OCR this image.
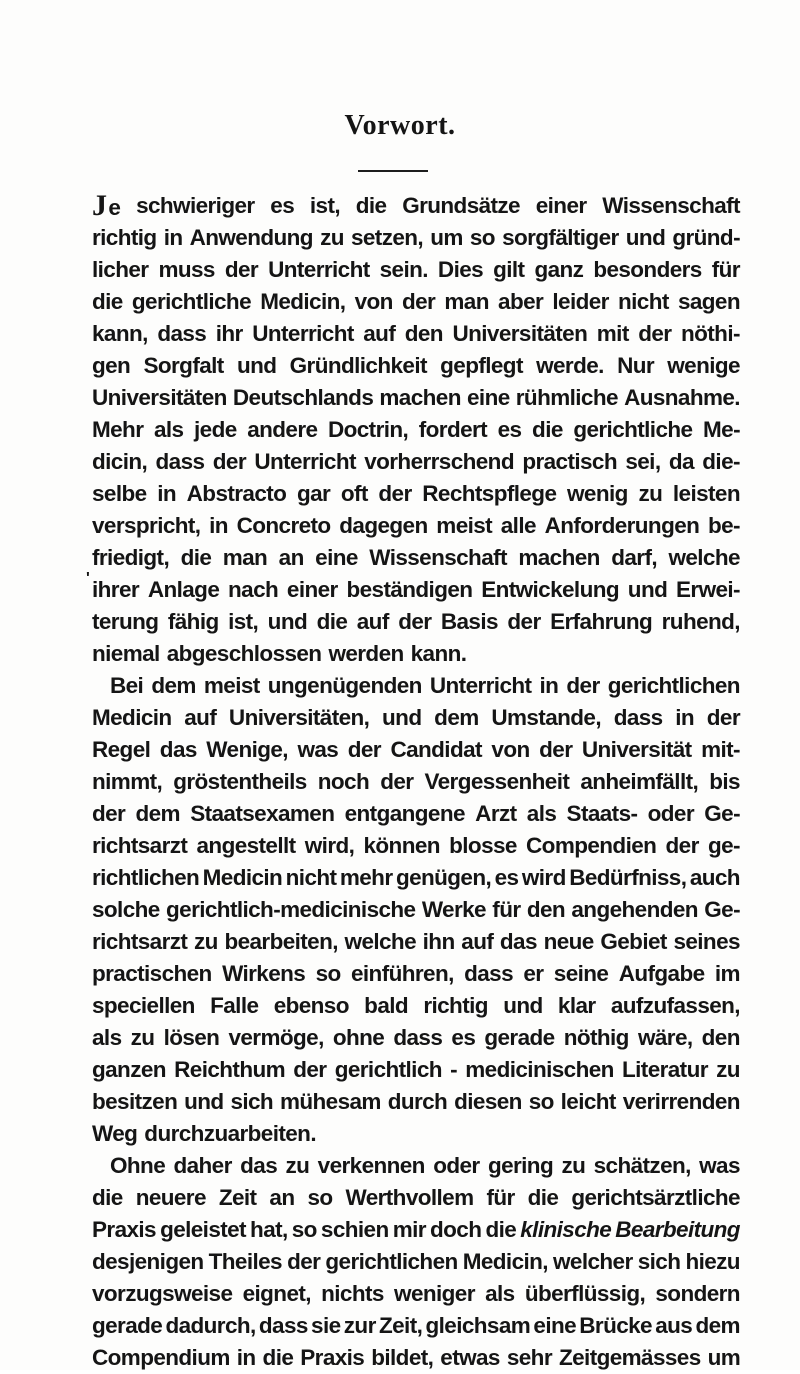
Vorwort.
'
Je schwieriger es ist, die Grundsätze einer Wissenschaft
richtig in Anwendung zu setzen, um so sorgfältiger und gründ-
licher muss der Unterricht sein. Dies gilt ganz besonders für
die gerichtliche Medicin, von der man aber leider nicht sagen
kann, dass ihr Unterricht auf den Universitäten mit der nöthi-
gen Sorgfalt und Gründlichkeit gepflegt werde. Nur wenige
Universitäten Deutschlands machen eine rühmliche Ausnahme.
Mehr als jede andere Doctrin, fordert es die gerichtliche Me-
dicin, dass der Unterricht vorherrschend practisch sei, da die-
selbe in Abstracto gar oft der Rechtspflege wenig zu leisten
verspricht, in Concreto dagegen meist alle Anforderungen be-
friedigt, die man an eine Wissenschaft machen darf, welche
ihrer Anlage nach einer beständigen Entwickelung und Erwei-
terung fähig ist, und die auf der Basis der Erfahrung ruhend,
niemal abgeschlossen werden kann.
Bei dem meist ungenügenden Unterricht in der gerichtlichen
Medicin auf Universitäten, und dem Umstande, dass in der
Regel das Wenige, was der Candidat von der Universität mit-
nimmt, gröstentheils noch der Vergessenheit anheimfällt, bis
der dem Staatsexamen entgangene Arzt als Staats- oder Ge-
richtsarzt angestellt wird, können blosse Compendien der ge-
richtlichen Medicin nicht mehr genügen, es wird Bedürfniss, auch
solche gerichtlich-medicinische Werke für den angehenden Ge-
richtsarzt zu bearbeiten, welche ihn auf das neue Gebiet seines
practischen Wirkens so einführen, dass er seine Aufgabe im
speciellen Falle ebenso bald richtig und klar aufzufassen,
als zu lösen vermöge, ohne dass es gerade nöthig wäre, den
ganzen Reichthum der gerichtlich - medicinischen Literatur zu
besitzen und sich mühesam durch diesen so leicht verirrenden
Weg durchzuarbeiten.
Ohne daher das zu verkennen oder gering zu schätzen, was
die neuere Zeit an so Werthvollem für die gerichtsärztliche
Praxis geleistet hat, so schien mir doch die klinische Bearbeitung
desjenigen Theiles der gerichtlichen Medicin, welcher sich hiezu
vorzugsweise eignet, nichts weniger als überflüssig, sondern
gerade dadurch, dass sie zur Zeit, gleichsam eine Brücke aus dem
Compendium in die Praxis bildet, etwas sehr Zeitgemässes um
